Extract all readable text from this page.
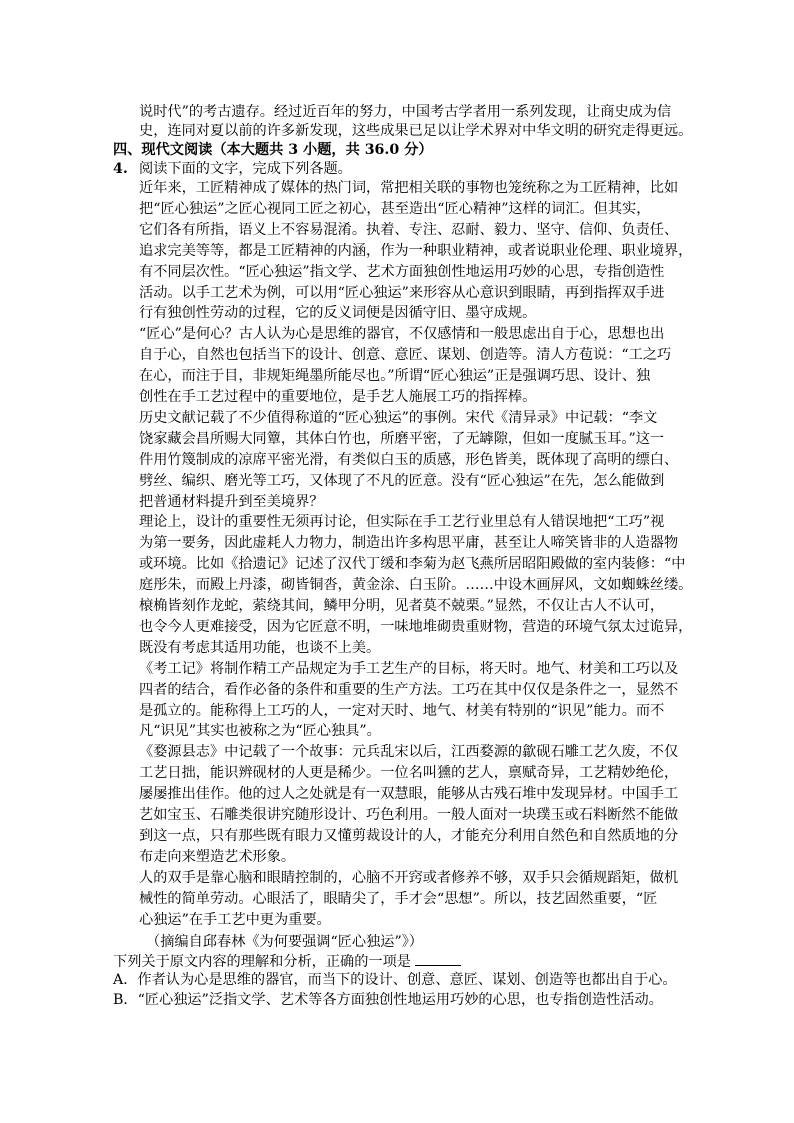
说时代”的考古遗存。经过近百年的努力，中国考古学者用一系列发现，让商史成为信
史，连同对夏以前的许多新发现，这些成果已足以让学术界对中华文明的研究走得更远。
四、现代文阅读（本大题共 3 小题，共 36.0 分）
4. 阅读下面的文字，完成下列各题。
近年来，工匠精神成了媒体的热门词，常把相关联的事物也笼统称之为工匠精神，比如
把“匠心独运”之匠心视同工匠之初心，甚至造出“匠心精神”这样的词汇。但其实，
它们各有所指，语义上不容易混淆。执着、专注、忍耐、毅力、坚守、信仰、负责任、
追求完美等等，都是工匠精神的内涵，作为一种职业精神，或者说职业伦理、职业境界，
有不同层次性。“匠心独运”指文学、艺术方面独创性地运用巧妙的心思，专指创造性
活动。以手工艺术为例，可以用“匠心独运”来形容从心意识到眼睛，再到指挥双手进
行有独创性劳动的过程，它的反义词便是因循守旧、墨守成规。
“匠心”是何心？古人认为心是思维的器官，不仅感情和一般思虑出自于心，思想也出
自于心，自然也包括当下的设计、创意、意匠、谋划、创造等。清人方苞说：“工之巧
在心，而注于目，非规矩绳墨所能尽也。”所谓“匠心独运”正是强调巧思、设计、独
创性在手工艺过程中的重要地位，是手艺人施展工巧的指挥棒。
历史文献记载了不少值得称道的“匠心独运”的事例。宋代《清异录》中记载：“李文
饶家藏会昌所赐大同簟，其体白竹也，所磨平密，了无罅隙，但如一度腻玉耳。”这一
件用竹篾制成的凉席平密光滑，有类似白玉的质感，形色皆美，既体现了高明的缥白、
劈丝、编织、磨光等工巧，又体现了不凡的匠意。没有“匠心独运”在先，怎么能做到
把普通材料提升到至美境界？
理论上，设计的重要性无须再讨论，但实际在手工艺行业里总有人错误地把“工巧”视
为第一要务，因此虚耗人力物力，制造出许多构思平庸，甚至让人啼笑皆非的人造器物
或环境。比如《拾遗记》记述了汉代丁缓和李菊为赵飞燕所居昭阳殿做的室内装修：“中
庭彤朱，而殿上丹漆，砌皆铜沓，黄金涂、白玉阶。……中设木画屏风，文如蜘蛛丝缕。
榱桷皆刻作龙蛇，萦绕其间，鳞甲分明，见者莫不兢栗。”显然，不仅让古人不认可，
也令今人更难接受，因为它匠意不明，一味地堆砌贵重财物，营造的环境气氛太过诡异，
既没有考虑其适用功能，也谈不上美。
《考工记》将制作精工产品规定为手工艺生产的目标，将天时。地气、材美和工巧以及
四者的结合，看作必备的条件和重要的生产方法。工巧在其中仅仅是条件之一，显然不
是孤立的。能称得上工巧的人，一定对天时、地气、材美有特别的“识见”能力。而不
凡“识见”其实也被称之为“匠心独具”。
《婺源县志》中记载了一个故事：元兵乱宋以后，江西婺源的歙砚石雕工艺久废，不仅
工艺日拙，能识辨砚材的人更是稀少。一位名叫獯的艺人，禀赋奇异，工艺精妙绝伦，
屡屡推出佳作。他的过人之处就是有一双慧眼，能够从古残石堆中发现异材。中国手工
艺如宝玉、石雕类很讲究随形设计、巧色利用。一般人面对一块璞玉或石料断然不能做
到这一点，只有那些既有眼力又懂剪裁设计的人，才能充分利用自然色和自然质地的分
布走向来塑造艺术形象。
人的双手是靠心脑和眼睛控制的，心脑不开窍或者修养不够，双手只会循规蹈矩，做机
械性的简单劳动。心眼活了，眼睛尖了，手才会“思想”。所以，技艺固然重要，“匠
心独运”在手工艺中更为重要。
（摘编自邱春林《为何要强调“匠心独运”》）
下列关于原文内容的理解和分析，正确的一项是
A．作者认为心是思维的器官，而当下的设计、创意、意匠、谋划、创造等也都出自于心。
B．“匠心独运”泛指文学、艺术等各方面独创性地运用巧妙的心思，也专指创造性活动。
